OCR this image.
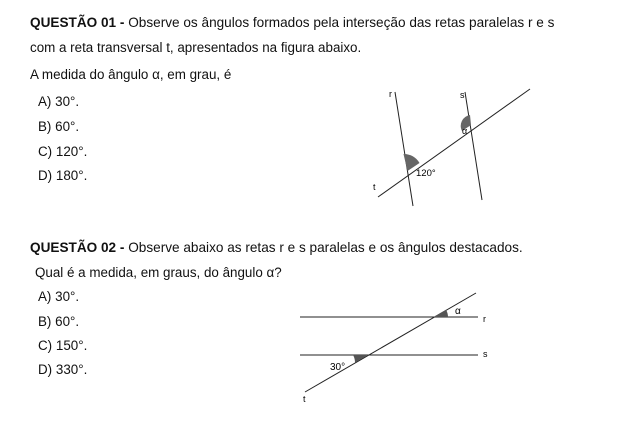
QUESTÃO 01 - Observe os ângulos formados pela interseção das retas paralelas r e s
com a reta transversal t, apresentados na figura abaixo.
A medida do ângulo α, em grau, é
A) 30°.
B) 60°.
C) 120°.
D) 180°.
r	s
t
α
120°
QUESTÃO 02 - Observe abaixo as retas r e s paralelas e os ângulos destacados.
Qual é a medida, em graus, do ângulo α?
A) 30°.
B) 60°.
C) 150°.
D) 330°.
r
s
t
α
30°
